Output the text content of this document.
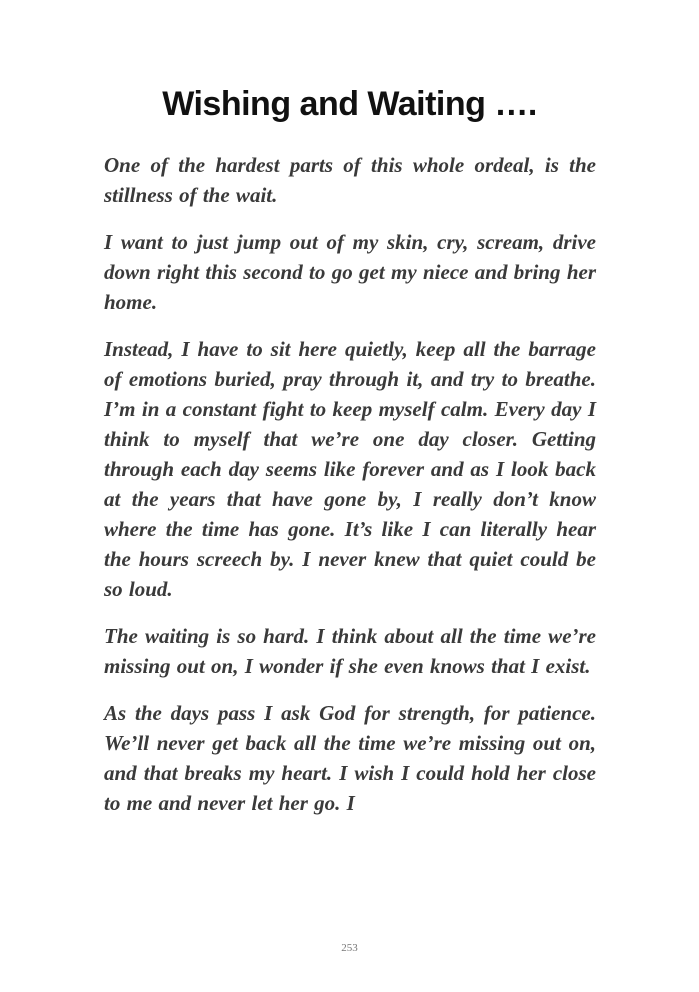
Wishing and Waiting ….

One of the hardest parts of this whole ordeal, is the stillness of the wait.

I want to just jump out of my skin, cry, scream, drive down right this second to go get my niece and bring her home.

Instead, I have to sit here quietly, keep all the barrage of emotions buried, pray through it, and try to breathe. I’m in a constant fight to keep myself calm. Every day I think to myself that we’re one day closer. Getting through each day seems like forever and as I look back at the years that have gone by, I really don’t know where the time has gone. It’s like I can literally hear the hours screech by. I never knew that quiet could be so loud.

The waiting is so hard. I think about all the time we’re missing out on, I wonder if she even knows that I exist.

As the days pass I ask God for strength, for patience. We’ll never get back all the time we’re missing out on, and that breaks my heart. I wish I could hold her close to me and never let her go. I

253
